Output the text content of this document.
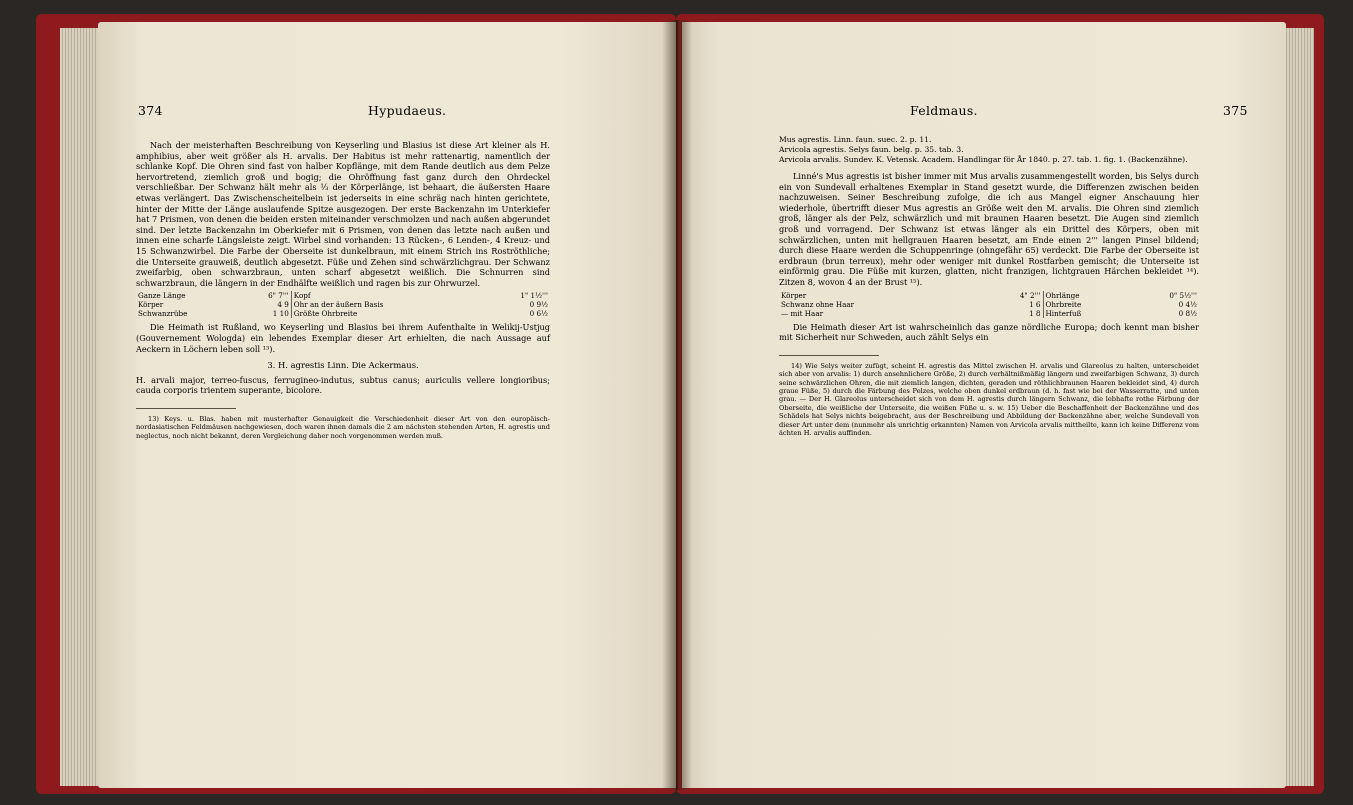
374	Hypudaeus.	Feldmaus.	375

Nach der meisterhaften Beschreibung von Keyserling und Blasius ist diese Art kleiner als H. amphibius, aber weit größer als H. arvalis. Der Habitus ist mehr rattenartig, namentlich der schlanke Kopf. Die Ohren sind fast von halber Kopflänge, mit dem Rande deutlich aus dem Pelze hervortretend, ziemlich groß und bogig; die Ohröffnung fast ganz durch den Ohrdeckel verschließbar. Der Schwanz hält mehr als ⅓ der Körperlänge, ist behaart, die äußersten Haare etwas verlängert. Das Zwischenscheitelbein ist jederseits in eine schräg nach hinten gerichtete, hinter der Mitte der Länge auslaufende Spitze ausgezogen. Der erste Backenzahn im Unterkiefer hat 7 Prismen, von denen die beiden ersten miteinander verschmolzen und nach außen abgerundet sind. Der letzte Backenzahn im Oberkiefer mit 6 Prismen, von denen das letzte nach außen und innen eine scharfe Längsleiste zeigt. Wirbel sind vorhanden: 13 Rücken-, 6 Lenden-, 4 Kreuz- und 15 Schwanzwirbel. Die Farbe der Oberseite ist dunkelbraun, mit einem Strich ins Roströthliche; die Unterseite grauweiß, deutlich abgesetzt. Füße und Zehen sind schwärzlichgrau. Der Schwanz zweifarbig, oben schwarzbraun, unten scharf abgesetzt weißlich. Die Schnurren sind schwarzbraun, die längern in der Endhälfte weißlich und ragen bis zur Ohrwurzel.

Ganze Länge	6" 7'''	Kopf	1" 1½'''
Körper	4 9	Ohr an der äußern Basis	0 9½
Schwanzrübe	1 10	Größte Ohrbreite	0 6½

Die Heimath ist Rußland, wo Keyserling und Blasius bei ihrem Aufenthalte in Welikij-Ustjug (Gouvernement Wologda) ein lebendes Exemplar dieser Art erhielten, die nach Aussage auf Aeckern in Löchern leben soll ¹³).

3. H. agrestis Linn. Die Ackermaus.

H. arvali major, terreo-fuscus, ferrugineo-indutus, subtus canus; auriculis vellere longioribus; cauda corporis trientem superante, bicolore.

13) Keys. u. Blas. haben mit musterhafter Genauigkeit die Verschiedenheit dieser Art von den europäisch-nordasiatischen Feldmäusen nachgewiesen, doch waren ihnen damals die 2 am nächsten stehenden Arten, H. agrestis und neglectus, noch nicht bekannt, deren Vergleichung daher noch vorgenommen werden muß.

Mus agrestis. Linn. faun. suec. 2. p. 11.

Arvicola agrestis. Selys faun. belg. p. 35. tab. 3.

Arvicola arvalis. Sundev. K. Vetensk. Academ. Handlingar för År 1840. p. 27. tab. 1. fig. 1. (Backenzähne).

Linné's Mus agrestis ist bisher immer mit Mus arvalis zusammengestellt worden, bis Selys durch ein von Sundevall erhaltenes Exemplar in Stand gesetzt wurde, die Differenzen zwischen beiden nachzuweisen. Seiner Beschreibung zufolge, die ich aus Mangel eigner Anschauung hier wiederhole, übertrifft dieser Mus agrestis an Größe weit den M. arvalis. Die Ohren sind ziemlich groß, länger als der Pelz, schwärzlich und mit braunen Haaren besetzt. Die Augen sind ziemlich groß und vorragend. Der Schwanz ist etwas länger als ein Drittel des Körpers, oben mit schwärzlichen, unten mit hellgrauen Haaren besetzt, am Ende einen 2''' langen Pinsel bildend; durch diese Haare werden die Schuppenringe (ohngefähr 65) verdeckt. Die Farbe der Oberseite ist erdbraun (brun terreux), mehr oder weniger mit dunkel Rostfarben gemischt; die Unterseite ist einförmig grau. Die Füße mit kurzen, glatten, nicht franzigen, lichtgrauen Härchen bekleidet ¹⁴). Zitzen 8, wovon 4 an der Brust ¹⁵).

Körper	4" 2'''	Ohrlänge	0" 5½'''
Schwanz ohne Haar	1 6	Ohrbreite	0 4½
— mit Haar	1 8	Hinterfuß	0 8½

Die Heimath dieser Art ist wahrscheinlich das ganze nördliche Europa; doch kennt man bisher mit Sicherheit nur Schweden, auch zählt Selys ein

14) Wie Selys weiter zufügt, scheint H. agrestis das Mittel zwischen H. arvalis und Glareolus zu halten, unterscheidet sich aber von arvalis: 1) durch ansehnlichere Größe, 2) durch verhältnißmäßig längern und zweifarbigen Schwanz, 3) durch seine schwärzlichen Ohren, die mit ziemlich langen, dichten, geraden und röthlichbraunen Haaren bekleidet sind, 4) durch graue Füße, 5) durch die Färbung des Pelzes, welche oben dunkel erdbraun (d. h. fast wie bei der Wasserratte, und unten grau. — Der H. Glareolus unterscheidet sich von dem H. agrestis durch längern Schwanz, die lebhafte rothe Färbung der Oberseite, die weißliche der Unterseite, die weißen Füße u. s. w. 15) Ueber die Beschaffenheit der Backenzähne und des Schädels hat Selys nichts beigebracht, aus der Beschreibung und Abbildung der Backenzähne aber, welche Sundevall von dieser Art unter dem (nunmehr als unrichtig erkannten) Namen von Arvicola arvalis mittheilte, kann ich keine Differenz vom ächten H. arvalis auffinden.
